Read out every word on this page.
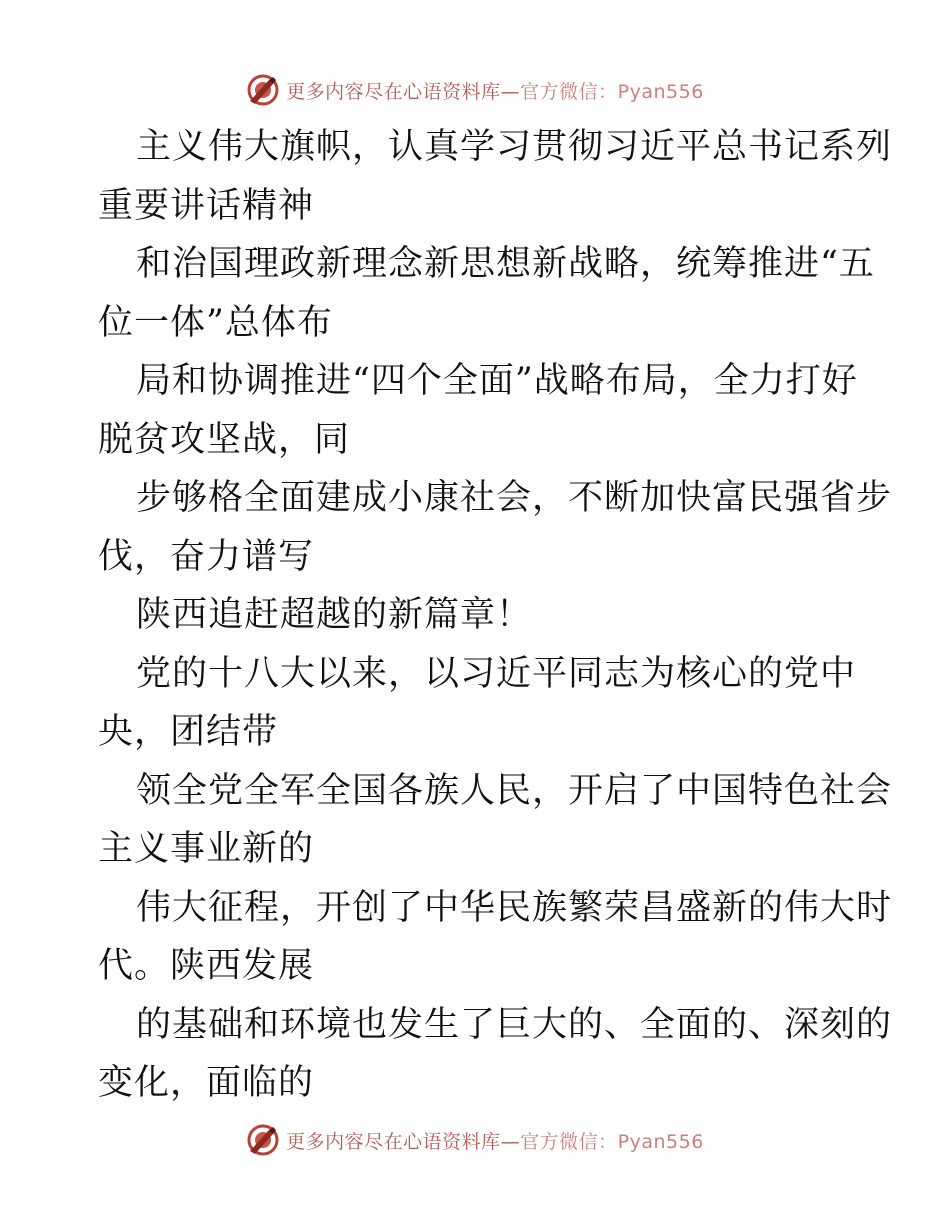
更多内容尽在心语资料库—官方微信：Pyan556
主义伟大旗帜，认真学习贯彻习近平总书记系列
重要讲话精神
和治国理政新理念新思想新战略，统筹推进“五
位一体”总体布
局和协调推进“四个全面”战略布局，全力打好
脱贫攻坚战，同
步够格全面建成小康社会，不断加快富民强省步
伐，奋力谱写
陕西追赶超越的新篇章！
党的十八大以来，以习近平同志为核心的党中
央，团结带
领全党全军全国各族人民，开启了中国特色社会
主义事业新的
伟大征程，开创了中华民族繁荣昌盛新的伟大时
代。陕西发展
的基础和环境也发生了巨大的、全面的、深刻的
变化，面临的
更多内容尽在心语资料库—官方微信：Pyan556
